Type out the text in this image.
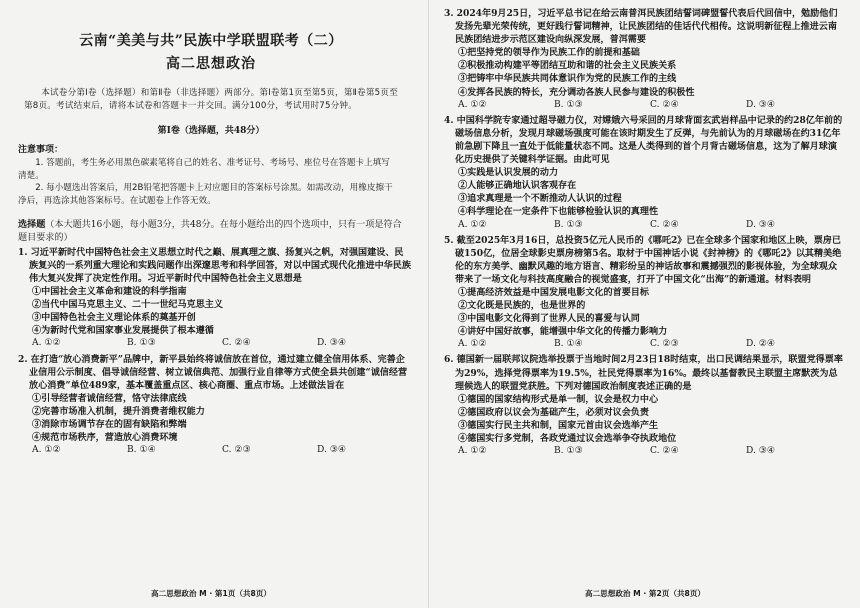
云南“美美与共”民族中学联盟联考（二）
高二思想政治
本试卷分第Ⅰ卷（选择题）和第Ⅱ卷（非选择题）两部分。第Ⅰ卷第1页至第5页，第Ⅱ卷第5页至第8页。考试结束后，请将本试卷和答题卡一并交回。满分100分，考试用时75分钟。
第Ⅰ卷（选择题，共48分）
注意事项：
1. 答题前，考生务必用黑色碳素笔将自己的姓名、准考证号、考场号、座位号在答题卡上填写清楚。
2. 每小题选出答案后，用2B铅笔把答题卡上对应题目的答案标号涂黑。如需改动，用橡皮擦干净后，再选涂其他答案标号。在试题卷上作答无效。
选择题（本大题共16小题，每小题3分，共48分。在每小题给出的四个选项中，只有一项是符合题目要求的）
1. 习近平新时代中国特色社会主义思想立时代之巅、展真理之旗、扬复兴之帆，对强国建设、民族复兴的一系列重大理论和实践问题作出深邃思考和科学回答，对以中国式现代化推进中华民族伟大复兴发挥了决定性作用。习近平新时代中国特色社会主义思想是
①中国社会主义革命和建设的科学指南
②当代中国马克思主义、二十一世纪马克思主义
③中国特色社会主义理论体系的奠基开创
④为新时代党和国家事业发展提供了根本遵循
A. ①②	B. ①③	C. ②④	D. ③④
2. 在打造“放心消费新平”品牌中，新平县始终将诚信放在首位，通过建立健全信用体系、完善企业信用公示制度、倡导诚信经营、树立诚信典范、加强行业自律等方式使全县共创建“诚信经营放心消费”单位489家，基本覆盖重点区、核心商圈、重点市场。上述做法旨在
①引导经营者诚信经营，恪守法律底线
②完善市场准入机制，提升消费者维权能力
③消除市场调节存在的固有缺陷和弊端
④规范市场秩序，营造放心消费环境
A. ①②	B. ①④	C. ②③	D. ③④
高二思想政治 M · 第1页（共8页）
3. 2024年9月25日，习近平总书记在给云南普洱民族团结誓词碑盟誓代表后代回信中，勉励他们发扬先辈光荣传统，更好践行誓词精神，让民族团结的佳话代代相传。这说明新征程上推进云南民族团结进步示范区建设向纵深发展，普洱需要
①把坚持党的领导作为民族工作的前提和基础
②积极推动构建平等团结互助和谐的社会主义民族关系
③把铸牢中华民族共同体意识作为党的民族工作的主线
④发挥各民族的特长，充分调动各族人民参与建设的积极性
A. ①②	B. ①③	C. ②④	D. ③④
4. 中国科学院专家通过超导磁力仪，对嫦娥六号采回的月球背面玄武岩样品中记录的约28亿年前的磁场信息分析，发现月球磁场强度可能在该时期发生了反弹，与先前认为的月球磁场在约31亿年前急剧下降且一直处于低能量状态不同。这是人类得到的首个月背古磁场信息，这为了解月球演化历史提供了关键科学证据。由此可见
①实践是认识发展的动力
②人能够正确地认识客观存在
③追求真理是一个不断推动人认识的过程
④科学理论在一定条件下也能够检验认识的真理性
A. ①②	B. ①③	C. ②④	D. ③④
5. 截至2025年3月16日，总投资5亿元人民币的《哪吒2》已在全球多个国家和地区上映，票房已破150亿，位居全球影史票房榜第5名。取材于中国神话小说《封神榜》的《哪吒2》以其精美绝伦的东方美学、幽默风趣的地方语言、精彩纷呈的神话故事和震撼强烈的影视体验，为全球观众带来了一场文化与科技高度融合的视觉盛宴，打开了中国文化“出海”的新通道。材料表明
①提高经济效益是中国发展电影文化的首要目标
②文化既是民族的，也是世界的
③中国电影文化得到了世界人民的喜爱与认同
④讲好中国好故事，能增强中华文化的传播力影响力
A. ①②	B. ①④	C. ②③	D. ②④
6. 德国新一届联邦议院选举投票于当地时间2月23日18时结束，出口民调结果显示，联盟党得票率为29%，选择党得票率为19.5%，社民党得票率为16%。最终以基督教民主联盟主席默茨为总理候选人的联盟党获胜。下列对德国政治制度表述正确的是
①德国的国家结构形式是单一制，议会是权力中心
②德国政府以议会为基础产生，必须对议会负责
③德国实行民主共和制，国家元首由议会选举产生
④德国实行多党制，各政党通过议会选举争夺执政地位
A. ①②	B. ①③	C. ②④	D. ③④
高二思想政治 M · 第2页（共8页）
